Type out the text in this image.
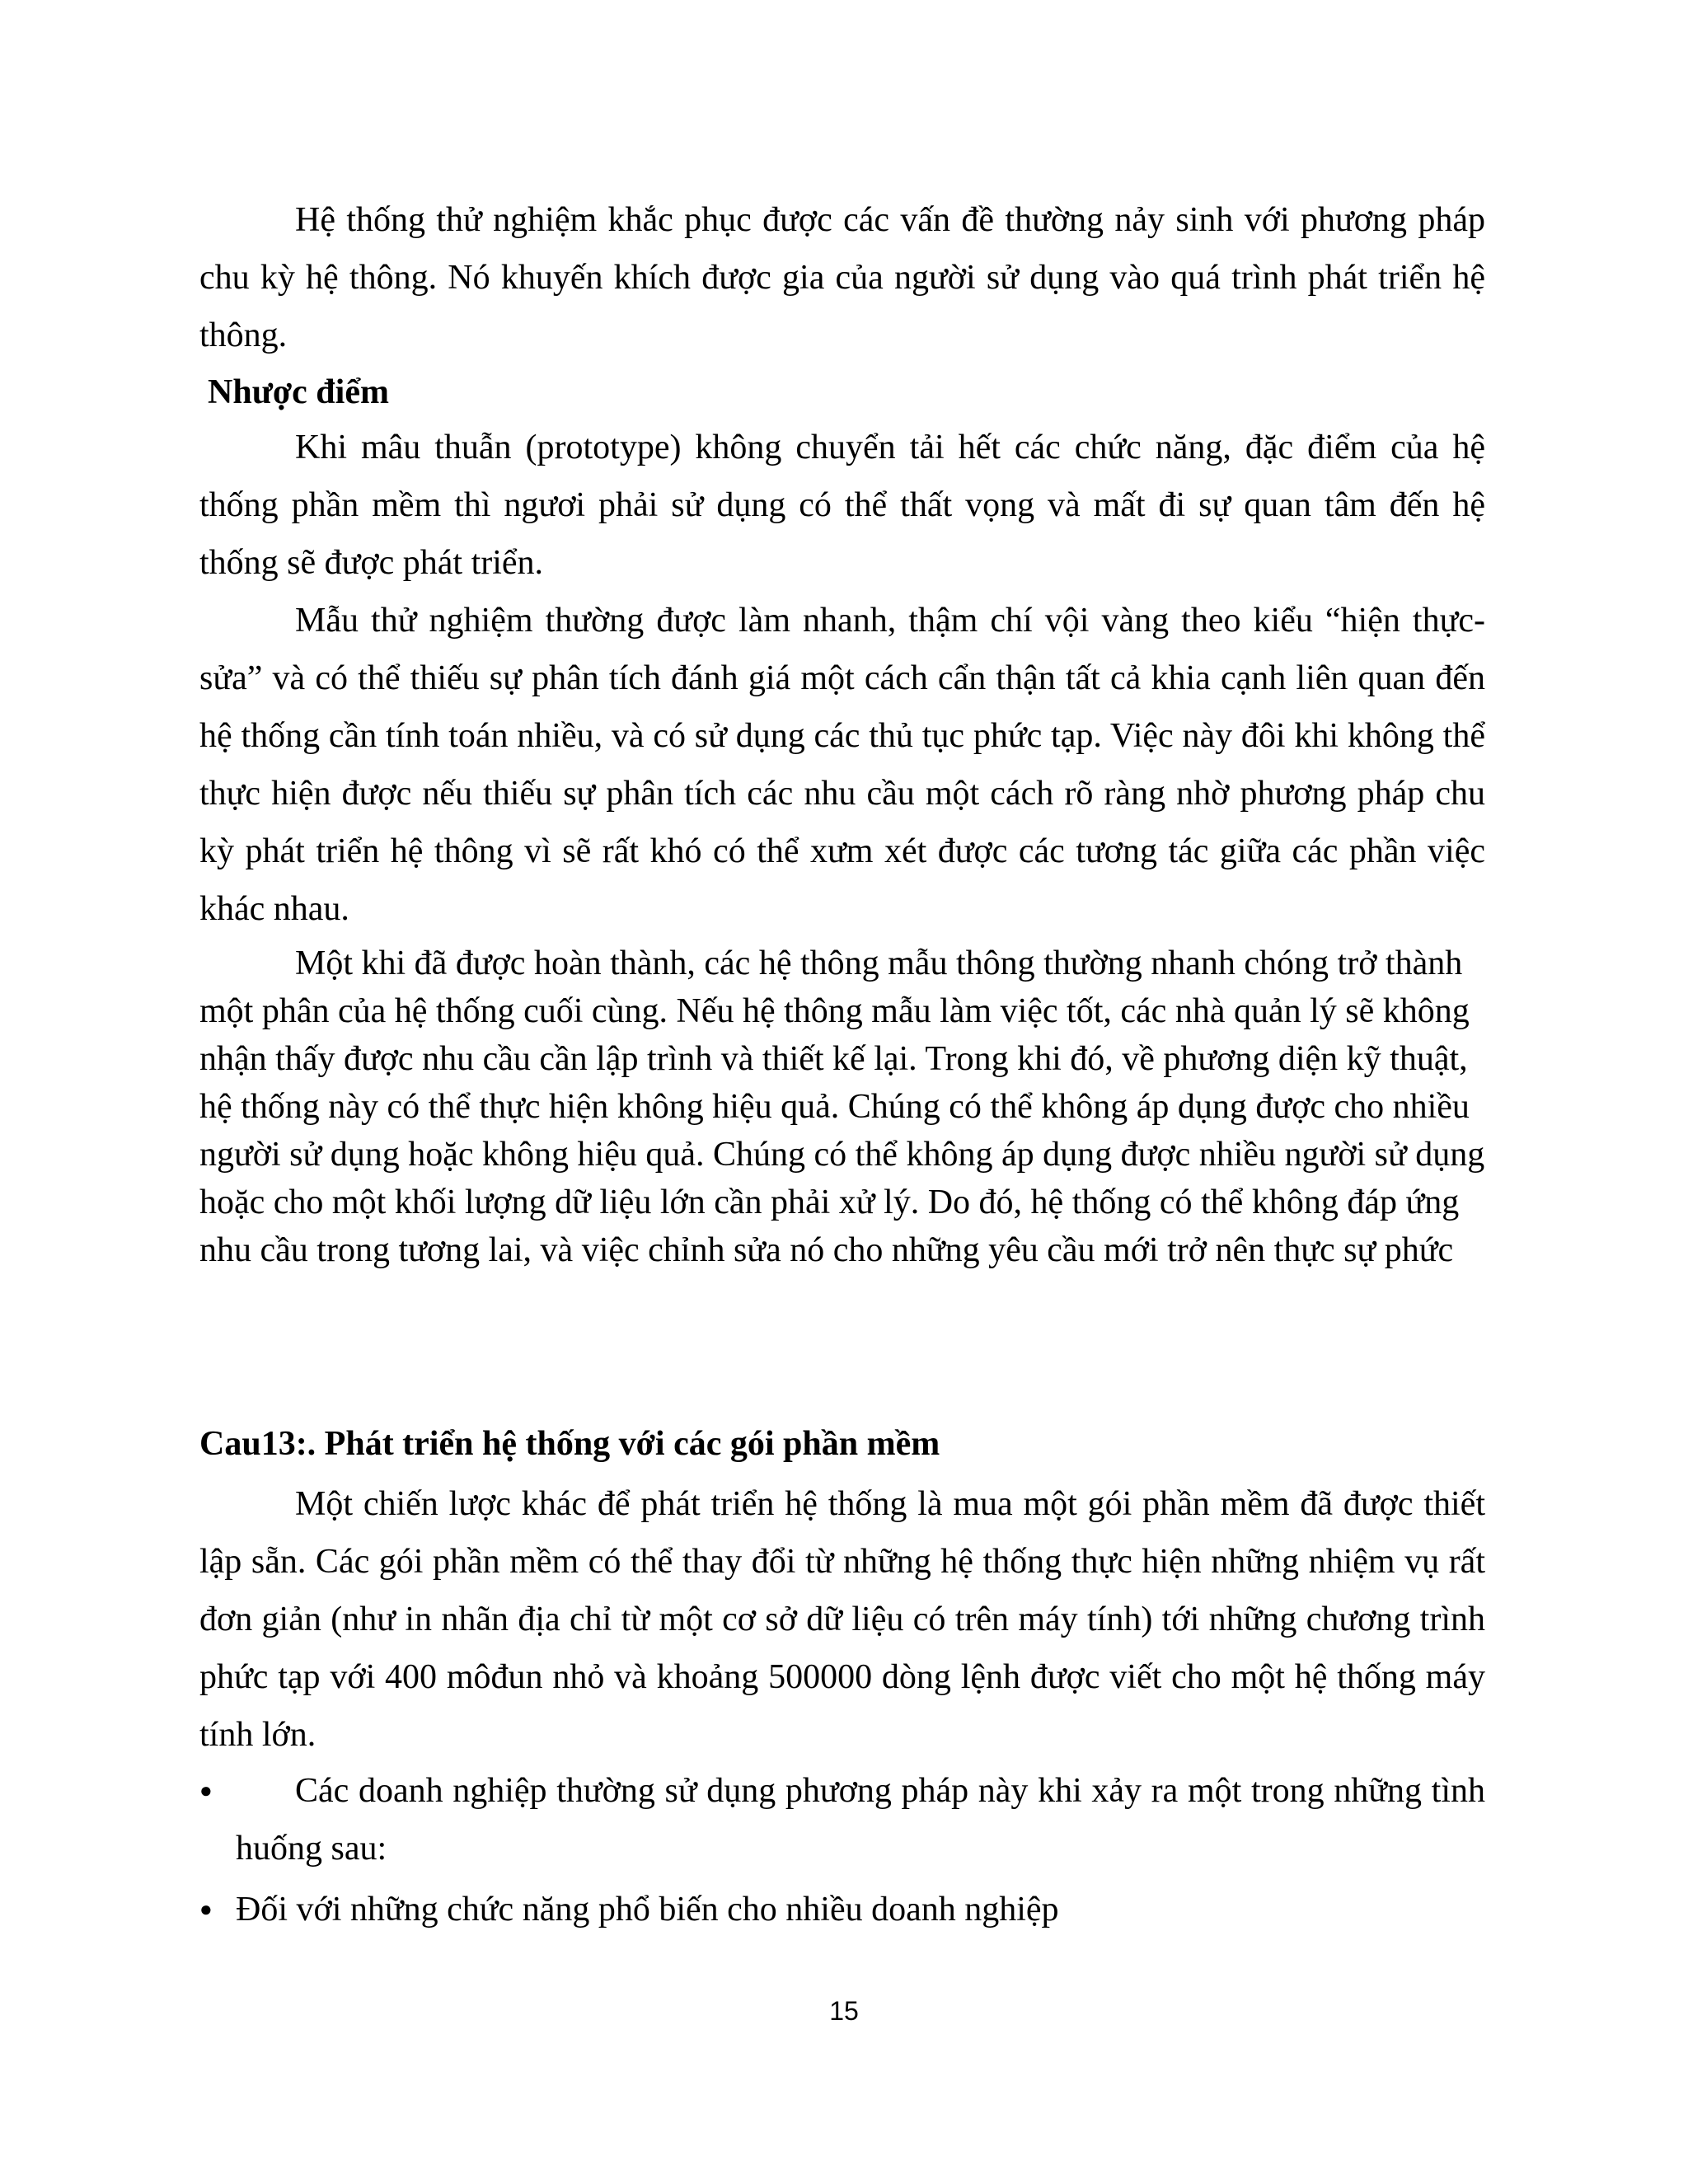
Hệ thống thử nghiệm khắc phục được các vấn đề thường nảy sinh với phương pháp chu kỳ hệ thông. Nó khuyến khích được gia của người sử dụng vào quá trình phát triển hệ thông.

Nhược điểm

Khi mâu thuẫn (prototype) không chuyển tải hết các chức năng, đặc điểm của hệ thống phần mềm thì ngươi phải sử dụng có thể thất vọng và mất đi sự quan tâm đến hệ thống sẽ được phát triển.

Mẫu thử nghiệm thường được làm nhanh, thậm chí vội vàng theo kiểu “hiện thực-sửa” và có thể thiếu sự phân tích đánh giá một cách cẩn thận tất cả khia cạnh liên quan đến hệ thống cần tính toán nhiều, và có sử dụng các thủ tục phức tạp. Việc này đôi khi không thể thực hiện được nếu thiếu sự phân tích các nhu cầu một cách rõ ràng nhờ phương pháp chu kỳ phát triển hệ thông vì sẽ rất khó có thể xưm xét được các tương tác giữa các phần việc khác nhau.

Một khi đã được hoàn thành, các hệ thông mẫu thông thường nhanh chóng trở thành một phân của hệ thống cuối cùng. Nếu hệ thông mẫu làm việc tốt, các nhà quản lý sẽ không nhận thấy được nhu cầu cần lập trình và thiết kế lại. Trong khi đó, về phương diện kỹ thuật, hệ thống này có thể thực hiện không hiệu quả. Chúng có thể không áp dụng được cho nhiều người sử dụng hoặc không hiệu quả. Chúng có thể không áp dụng được nhiều người sử dụng hoặc cho một khối lượng dữ liệu lớn cần phải xử lý. Do đó, hệ thống có thể không đáp ứng nhu cầu trong tương lai, và việc chỉnh sửa nó cho những yêu cầu mới trở nên thực sự phức

Cau13:. Phát triển hệ thống với các gói phần mềm

Một chiến lược khác để phát triển hệ thống là mua một gói phần mềm đã được thiết lập sẵn. Các gói phần mềm có thể thay đổi từ những hệ thống thực hiện những nhiệm vụ rất đơn giản (như in nhãn địa chỉ từ một cơ sở dữ liệu có trên máy tính) tới những chương trình phức tạp với 400 môđun nhỏ và khoảng 500000 dòng lệnh được viết cho một hệ thống máy tính lớn.

●	Các doanh nghiệp thường sử dụng phương pháp này khi xảy ra một trong những tình huống sau:
● Đối với những chức năng phổ biến cho nhiều doanh nghiệp
15
